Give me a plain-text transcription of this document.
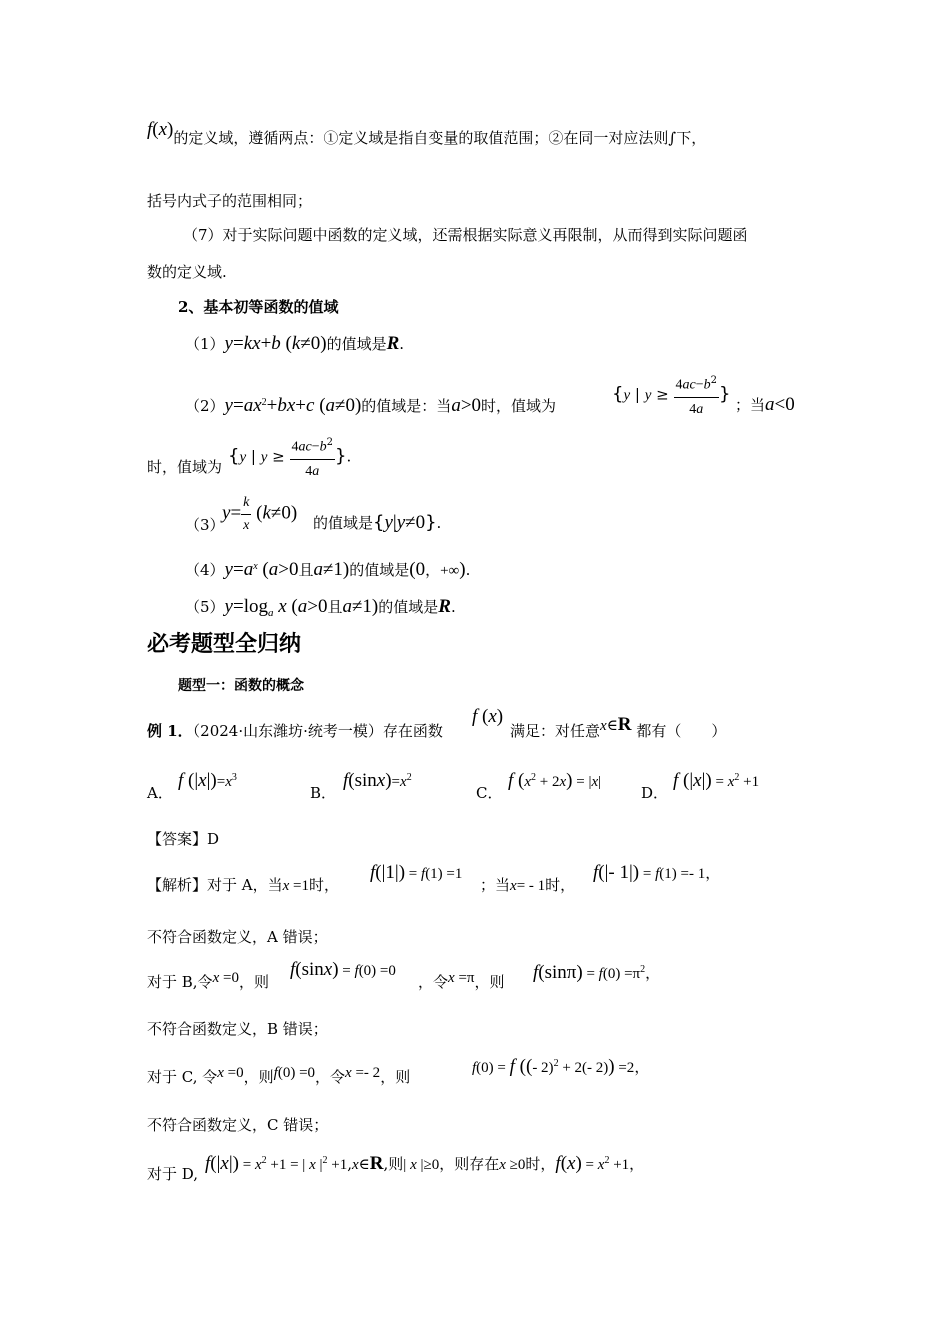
f(x)的定义域，遵循两点：①定义域是指自变量的取值范围；②在同一对应法则∫下，
括号内式子的范围相同；
（7）对于实际问题中函数的定义域，还需根据实际意义再限制，从而得到实际问题函
数的定义域.
2、基本初等函数的值域
（1）y=kx+b (k≠0)的值域是R.
$(2)y=ax^2+bx+c$ (a≠0)的值域是：当a>0时，值域为
{y | $y \ge \frac{4ac-b^2}{4a}$ }
；当a<0
时，值域为
{y | $y \ge \frac{4ac-b^2}{4a}$ }.
（3）
$y= \frac{k}{x} (k\ne 0)$ 的值域是{y|y≠0}.
$(4)y=a^x$ (a>0且a≠1)的值域是(0，+∞).
$(5)y=\log_a$ x (a>0且a≠1)的值域是R.
必考题型全归纳
题型一：函数的概念
例 1．（2024·山东潍坊·统考一模）存在函数
f (x)
满足：对任意x∈R 都有（　　）
A．
f $(|x|)=x^3$
B．
$f(\sin x)=x^2$
C．
f $(x^2 + 2x) = |x|$
D．
f $(|x|) = x^2 +1$
【答案】D
【解析】对于 A，当x =1时，
f(|1|) = f(1) =1
；当x= - 1时，
f(|- 1|) = f(1) =- 1，
不符合函数定义，A 错误；
对于 B,令x =0，则
f(sinx) = f(0) =0
，令x =π，则 $f(\sin\pi) = f(0) =\pi^2$，
不符合函数定义，B 错误；
对于 C, 令x =0，则f(0) =0，令x =- 2，则	f(0) = f ((- 2)$^2$ + 2(- 2)) =2，
不符合函数定义，C 错误；
对于 D, $f(|x|) = x^2 +1$ = | x $|^2$ +1,x∈R,则| x |≥0，则存在x ≥0时，$f(x) = x^2 +1$，
